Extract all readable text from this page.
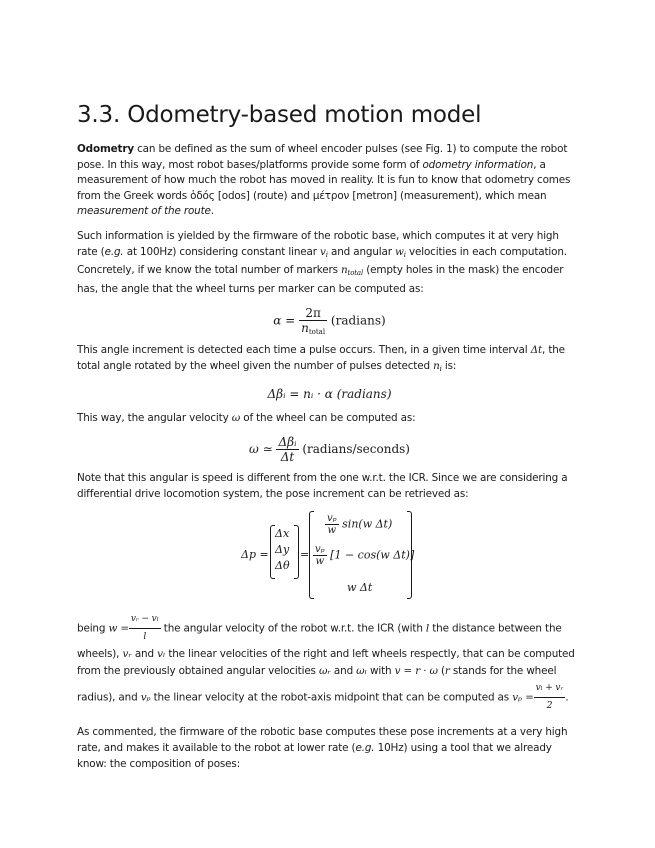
3.3. Odometry-based motion model

Odometry can be defined as the sum of wheel encoder pulses (see Fig. 1) to compute the robot pose. In this way, most robot bases/platforms provide some form of odometry information, a measurement of how much the robot has moved in reality. It is fun to know that odometry comes from the Greek words ὁδός [odos] (route) and μέτρον [metron] (measurement), which mean measurement of the route.

Such information is yielded by the firmware of the robotic base, which computes it at very high rate (e.g. at 100Hz) considering constant linear $v_i$ and angular $w_i$ velocities in each computation. Concretely, if we know the total number of markers $n_{total}$ (empty holes in the mask) the encoder has, the angle that the wheel turns per marker can be computed as:

$\alpha = \frac{2\pi}{n_{total}}$ (radians)

This angle increment is detected each time a pulse occurs. Then, in a given time interval Δt, the total angle rotated by the wheel given the number of pulses detected $n_i$ is:

Δβᵢ = nᵢ · α (radians)

This way, the angular velocity ω of the wheel can be computed as:

ω ≃ $\frac{\text{Δβᵢ}}{\Delta t}$ (radians/seconds)

Note that this angular is speed is different from the one w.r.t. the ICR. Since we are considering a differential drive locomotion system, the pose increment can be retrieved as:

Δp =
Δx
Δy
Δθ
=
$\frac{\text{vₚ}}{w} \sin(w$ Δt)
$\frac{\text{vₚ}}{w} [1 - \cos(w$ Δt)]
w Δt

being $w = \frac{\text{vᵣ − vₗ}}{l}$ the angular velocity of the robot w.r.t. the ICR (with l the distance between the wheels), vᵣ and vₗ the linear velocities of the right and left wheels respectly, that can be computed from the previously obtained angular velocities ωᵣ and ωₗ with v = r · ω (r stands for the wheel radius), and vₚ the linear velocity at the robot-axis midpoint that can be computed as $v_p = \frac{\text{vₗ + vᵣ}}{2}$ .

As commented, the firmware of the robotic base computes these pose increments at a very high rate, and makes it available to the robot at lower rate (e.g. 10Hz) using a tool that we already know: the composition of poses:
